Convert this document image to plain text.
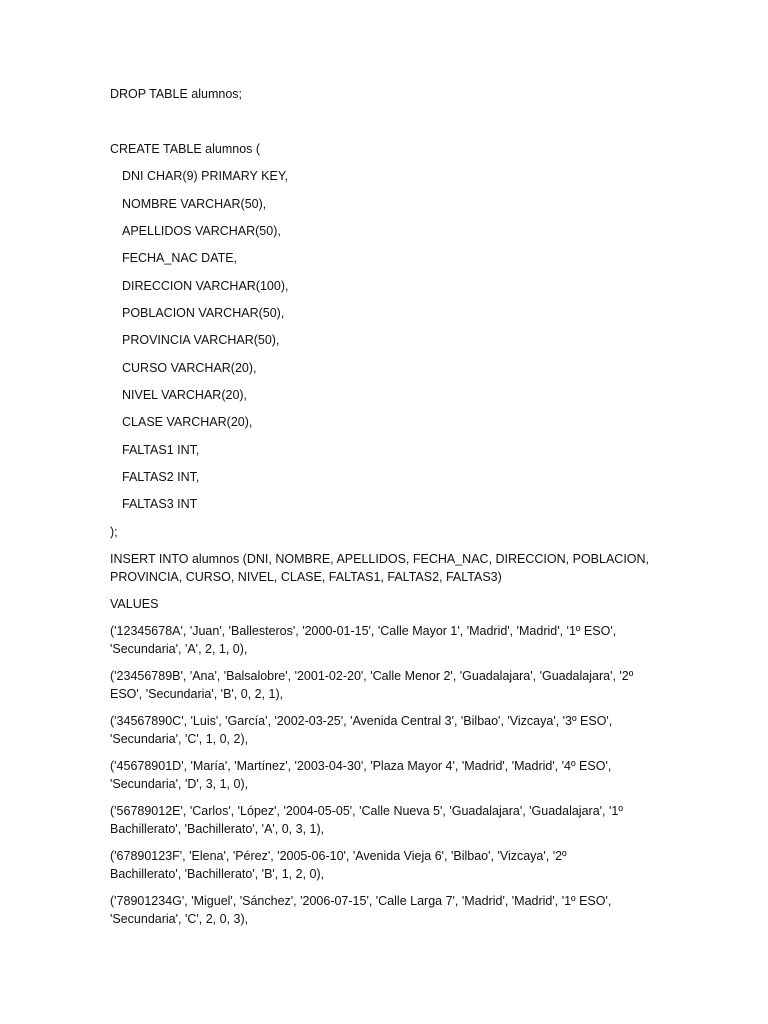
DROP TABLE alumnos;
CREATE TABLE alumnos (
DNI CHAR(9) PRIMARY KEY,
NOMBRE VARCHAR(50),
APELLIDOS VARCHAR(50),
FECHA_NAC DATE,
DIRECCION VARCHAR(100),
POBLACION VARCHAR(50),
PROVINCIA VARCHAR(50),
CURSO VARCHAR(20),
NIVEL VARCHAR(20),
CLASE VARCHAR(20),
FALTAS1 INT,
FALTAS2 INT,
FALTAS3 INT
);
INSERT INTO alumnos (DNI, NOMBRE, APELLIDOS, FECHA_NAC, DIRECCION, POBLACION,
PROVINCIA, CURSO, NIVEL, CLASE, FALTAS1, FALTAS2, FALTAS3)
VALUES
('12345678A', 'Juan', 'Ballesteros', '2000-01-15', 'Calle Mayor 1', 'Madrid', 'Madrid', '1º ESO',
'Secundaria', 'A', 2, 1, 0),
('23456789B', 'Ana', 'Balsalobre', '2001-02-20', 'Calle Menor 2', 'Guadalajara', 'Guadalajara', '2º
ESO', 'Secundaria', 'B', 0, 2, 1),
('34567890C', 'Luis', 'García', '2002-03-25', 'Avenida Central 3', 'Bilbao', 'Vizcaya', '3º ESO',
'Secundaria', 'C', 1, 0, 2),
('45678901D', 'María', 'Martínez', '2003-04-30', 'Plaza Mayor 4', 'Madrid', 'Madrid', '4º ESO',
'Secundaria', 'D', 3, 1, 0),
('56789012E', 'Carlos', 'López', '2004-05-05', 'Calle Nueva 5', 'Guadalajara', 'Guadalajara', '1º
Bachillerato', 'Bachillerato', 'A', 0, 3, 1),
('67890123F', 'Elena', 'Pérez', '2005-06-10', 'Avenida Vieja 6', 'Bilbao', 'Vizcaya', '2º
Bachillerato', 'Bachillerato', 'B', 1, 2, 0),
('78901234G', 'Miguel', 'Sánchez', '2006-07-15', 'Calle Larga 7', 'Madrid', 'Madrid', '1º ESO',
'Secundaria', 'C', 2, 0, 3),
